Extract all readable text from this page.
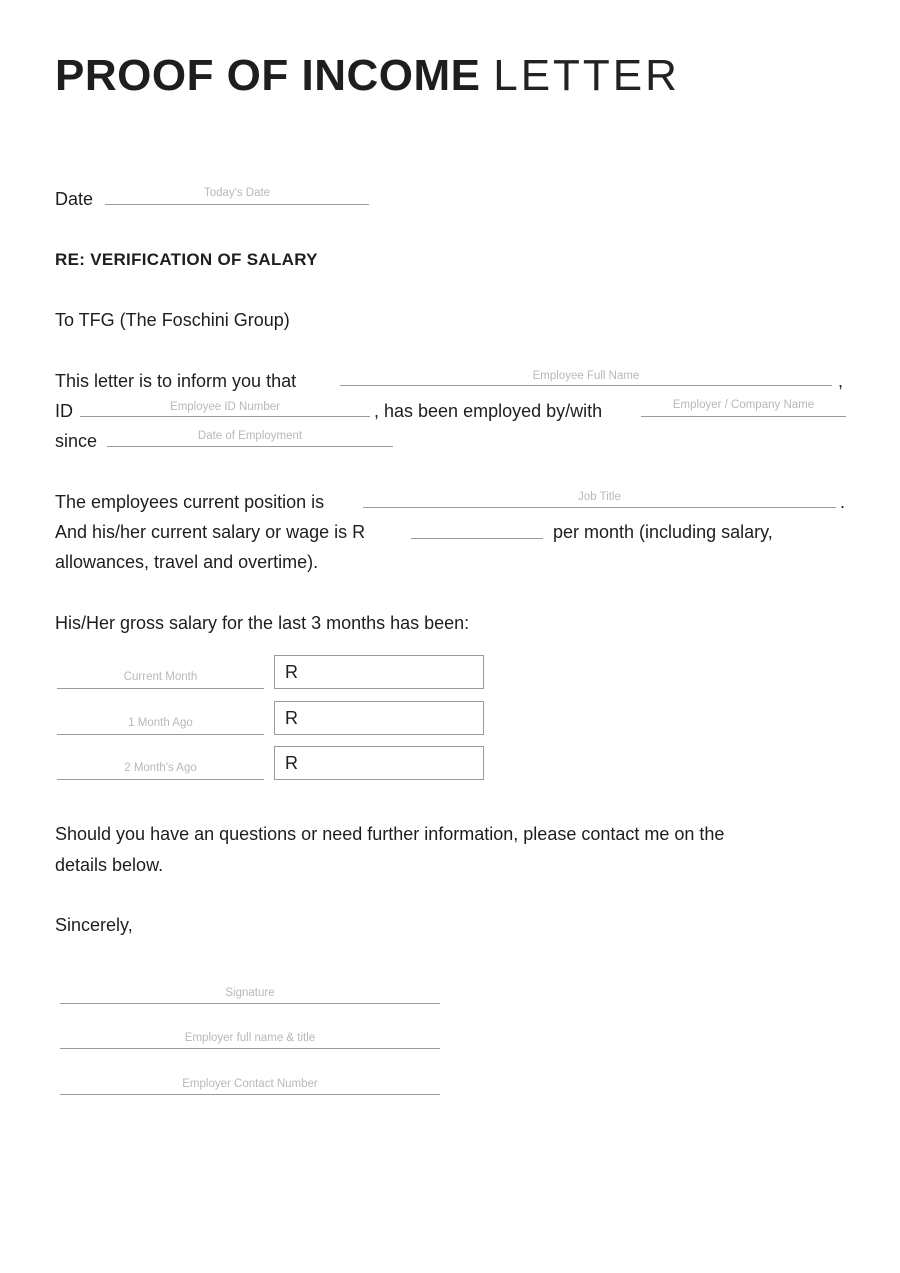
PROOF OF INCOME LETTER
Date	Today's Date
RE: VERIFICATION OF SALARY
To TFG (The Foschini Group)
This letter is to inform you that	Employee Full Name	,
ID	Employee ID Number	, has been employed by/with	Employer / Company Name
since	Date of Employment
The employees current position is	Job Title	.
And his/her current salary or wage is R	per month (including salary,
allowances, travel and overtime).
His/Her gross salary for the last 3 months has been:
Current Month	R
1 Month Ago	R
2 Month's Ago	R
Should you have an questions or need further information, please contact me on the
details below.
Sincerely,
Signature
Employer full name & title
Employer Contact Number
